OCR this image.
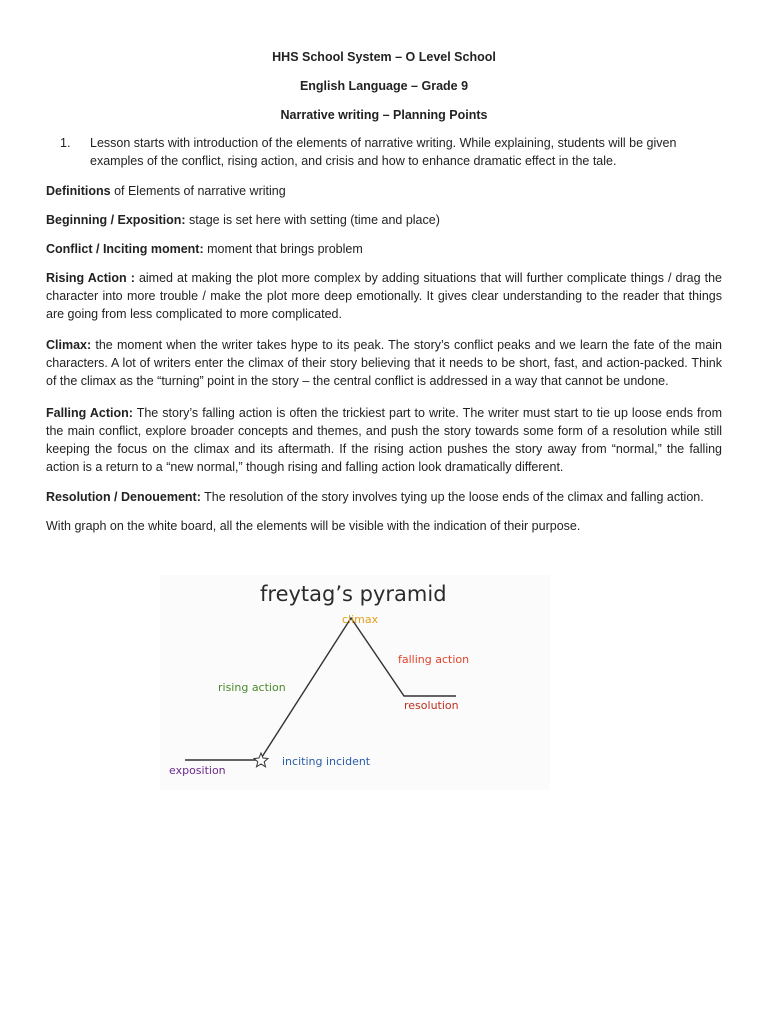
HHS School System – O Level School
English Language – Grade 9
Narrative writing – Planning Points
1.	Lesson starts with introduction of the elements of narrative writing. While explaining, students will be given examples of the conflict, rising action, and crisis and how to enhance dramatic effect in the tale.
Definitions of Elements of narrative writing
Beginning / Exposition: stage is set here with setting (time and place)
Conflict / Inciting moment: moment that brings problem
Rising Action : aimed at making the plot more complex by adding situations that will further complicate things / drag the character into more trouble / make the plot more deep emotionally. It gives clear understanding to the reader that things are going from less complicated to more complicated.
Climax: the moment when the writer takes hype to its peak. The story’s conflict peaks and we learn the fate of the main characters. A lot of writers enter the climax of their story believing that it needs to be short, fast, and action-packed. Think of the climax as the “turning” point in the story – the central conflict is addressed in a way that cannot be undone.
Falling Action: The story’s falling action is often the trickiest part to write. The writer must start to tie up loose ends from the main conflict, explore broader concepts and themes, and push the story towards some form of a resolution while still keeping the focus on the climax and its aftermath. If the rising action pushes the story away from “normal,” the falling action is a return to a “new normal,” though rising and falling action look dramatically different.
Resolution / Denouement: The resolution of the story involves tying up the loose ends of the climax and falling action.
With graph on the white board, all the elements will be visible with the indication of their purpose.
freytag’s pyramid
climax
falling action
rising action
resolution
inciting incident
exposition
